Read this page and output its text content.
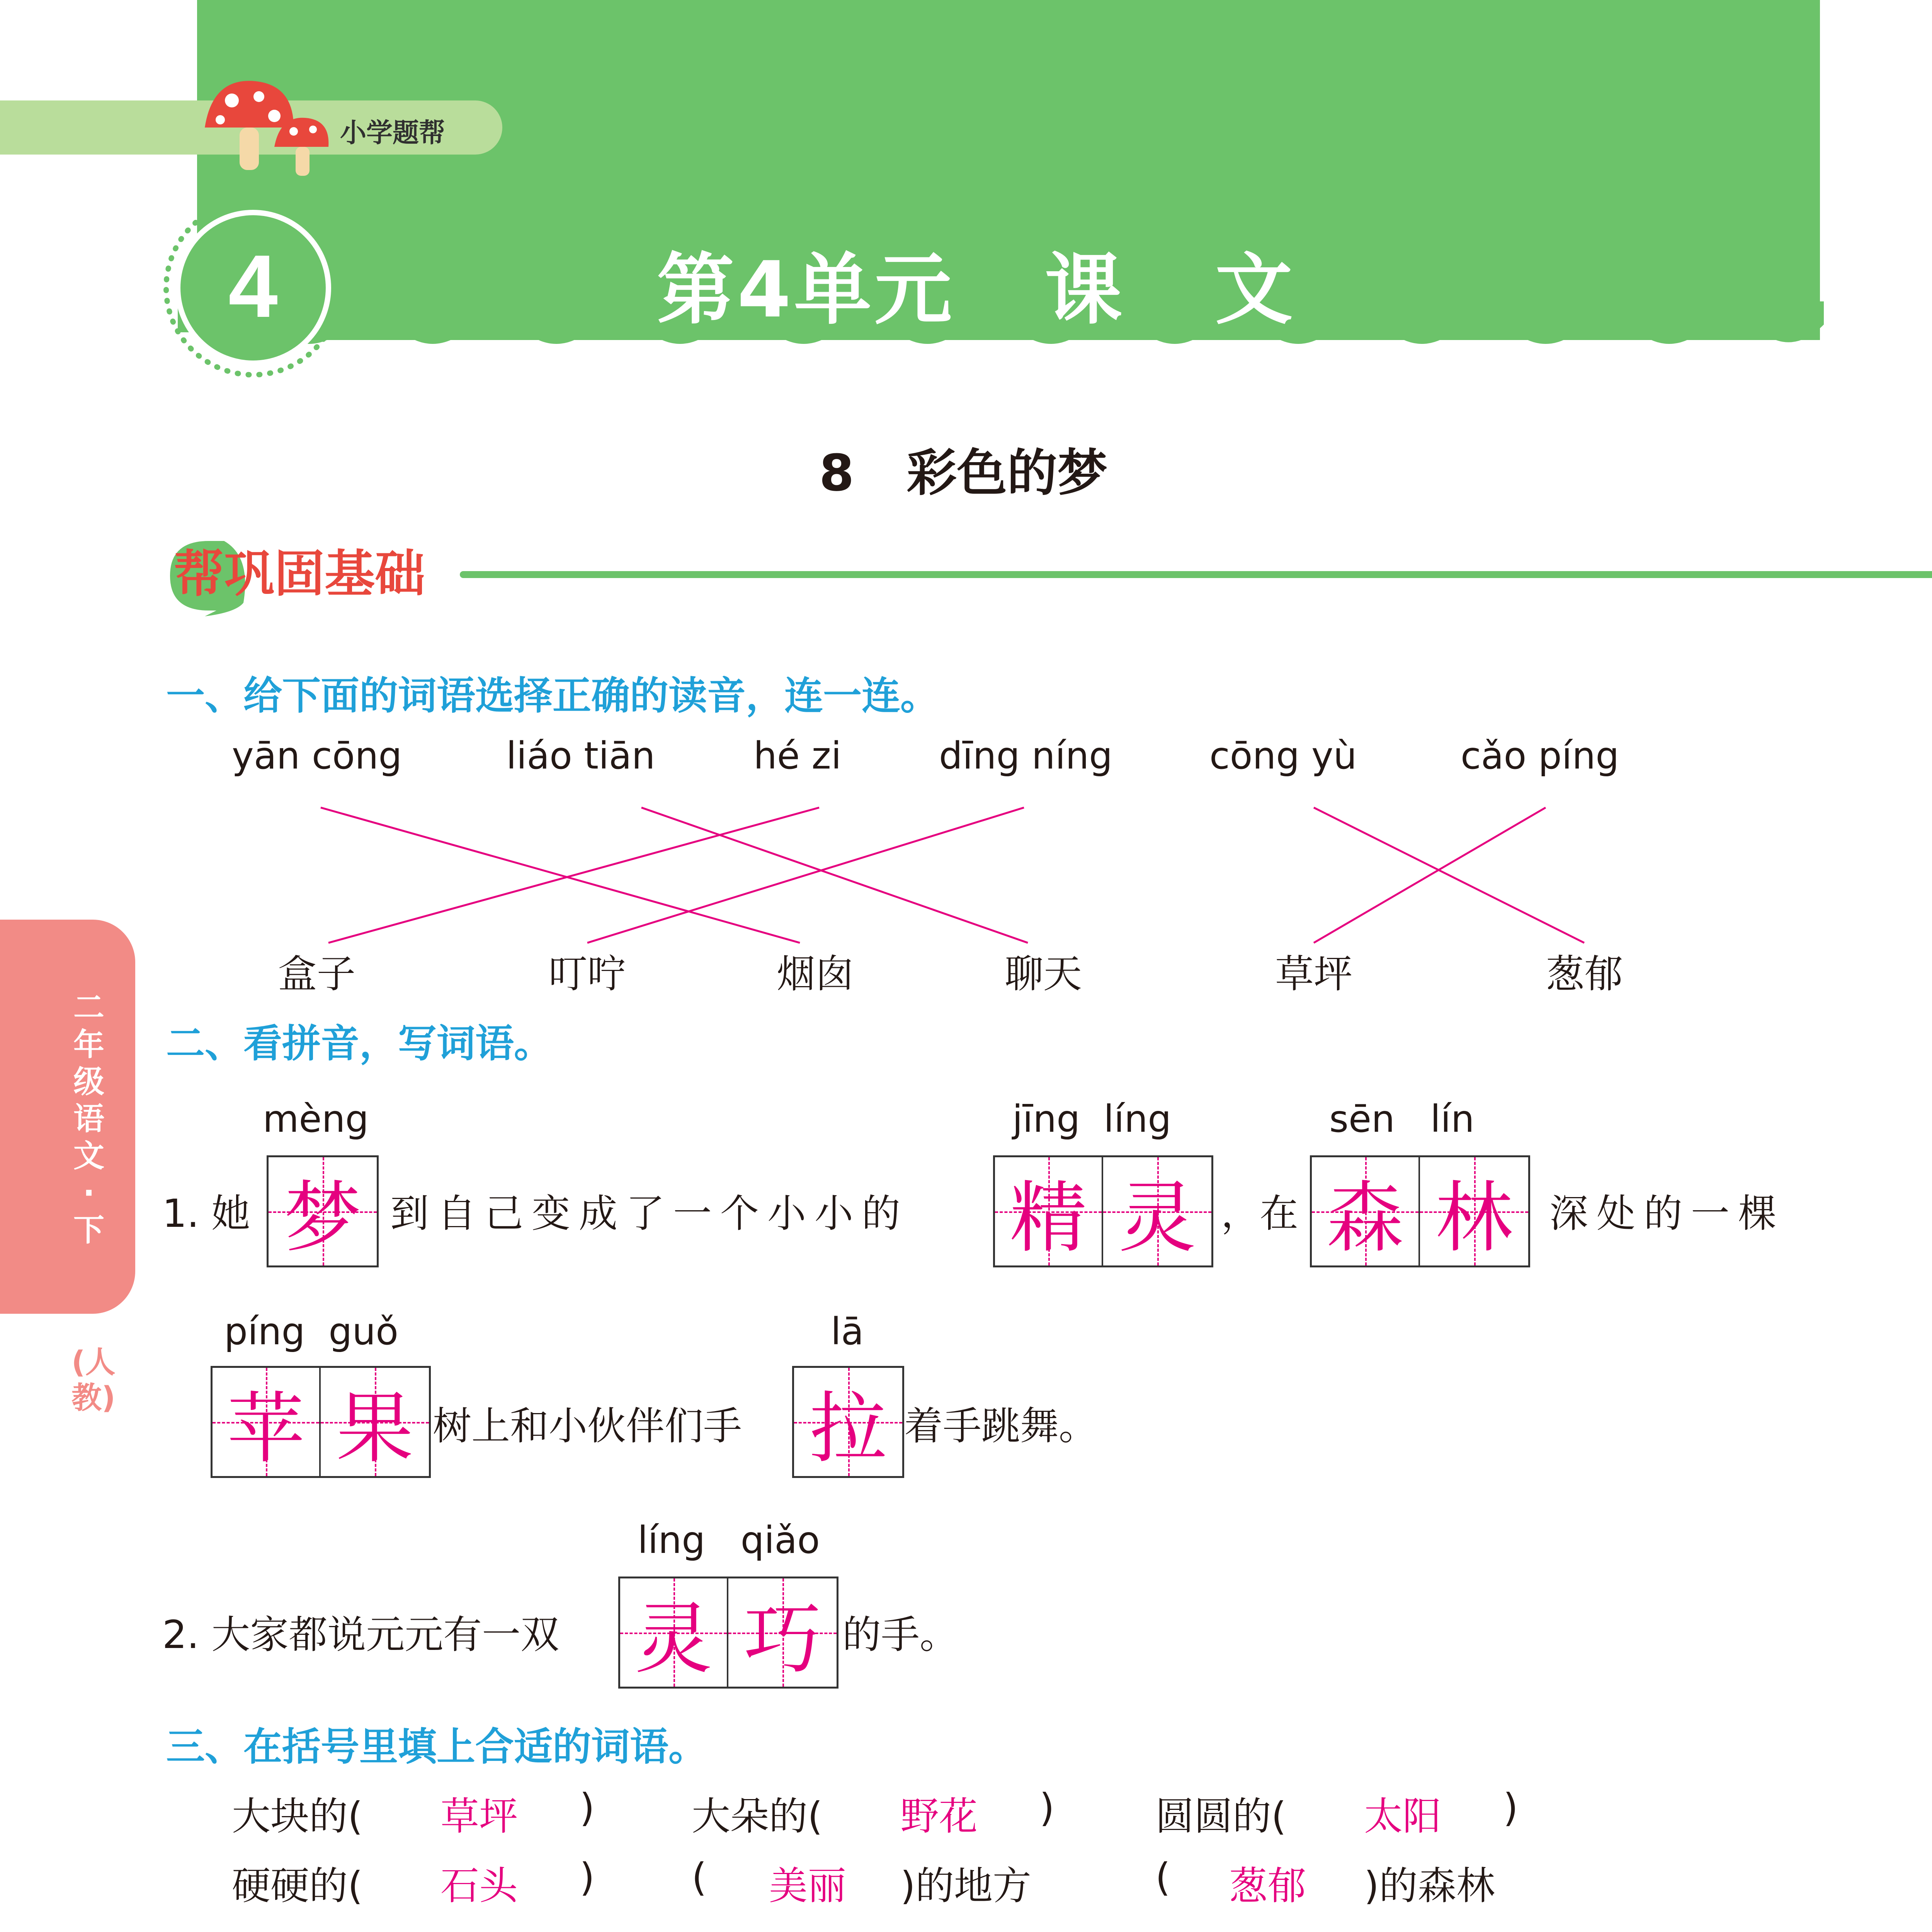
小学题帮
4	第4单元   课   文
8   彩色的梦
帮巩固基础
一、给下面的词语选择正确的读音，连一连。
yān cōng	liáo tiān	hé zi	dīng níng	cōng yù	cǎo píng
盒子	叮咛	烟囱	聊天	草坪	葱郁
二、看拼音，写词语。
mèng	jīng  líng	sēn   lín
1. 她 梦 到自己变成了一个小小的 精 灵 ，在 森 林 深处的一棵
píng  guǒ	lā
苹 果 树上和小伙伴们手 拉 着手跳舞。
líng   qiǎo
2. 大家都说元元有一双 灵 巧 的手。
三、在括号里填上合适的词语。
大块的( 草坪 )	大朵的( 野花 )	圆圆的( 太阳 )
硬硬的( 石头 )	( 美丽 )的地方	( 葱郁 )的森林
二年级语文·下
(人教)
